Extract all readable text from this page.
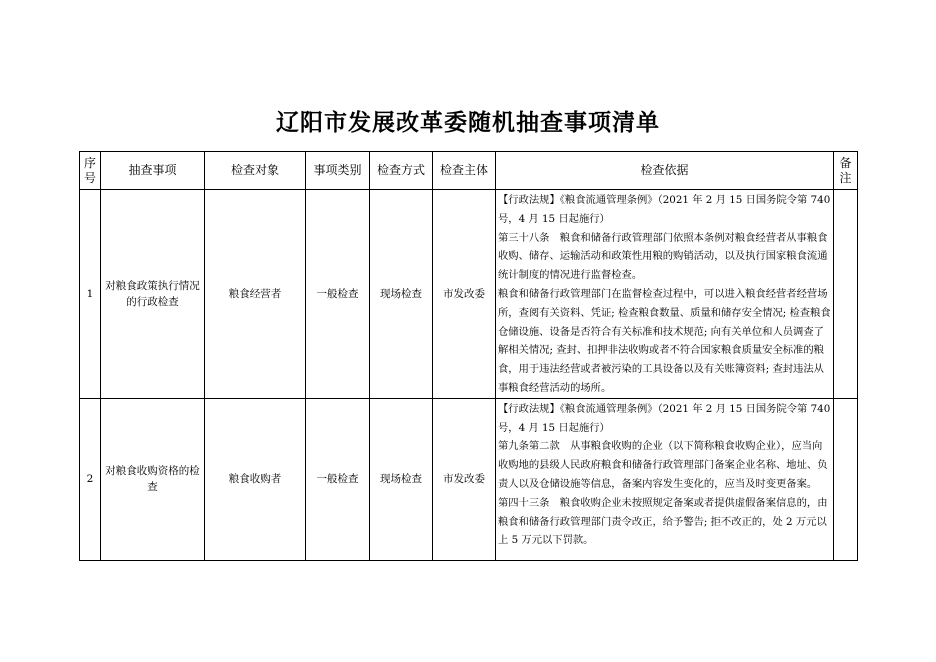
辽阳市发展改革委随机抽查事项清单
序号	抽查事项	检查对象	事项类别	检查方式	检查主体	检查依据	备注
1	对粮食政策执行情况的行政检查	粮食经营者	一般检查	现场检查	市发改委	【行政法规】《粮食流通管理条例》（2021 年 2 月 15 日国务院令第 740 号，4 月 15 日起施行）

第三十八条　粮食和储备行政管理部门依照本条例对粮食经营者从事粮食收购、储存、运输活动和政策性用粮的购销活动，以及执行国家粮食流通统计制度的情况进行监督检查。

粮食和储备行政管理部门在监督检查过程中，可以进入粮食经营者经营场所，查阅有关资料、凭证; 检查粮食数量、质量和储存安全情况; 检查粮食仓储设施、设备是否符合有关标准和技术规范; 向有关单位和人员调查了解相关情况; 查封、扣押非法收购或者不符合国家粮食质量安全标准的粮食，用于违法经营或者被污染的工具设备以及有关账簿资料; 查封违法从事粮食经营活动的场所。	

2	对粮食收购资格的检查	粮食收购者	一般检查	现场检查	市发改委	【行政法规】《粮食流通管理条例》（2021 年 2 月 15 日国务院令第 740 号，4 月 15 日起施行）

第九条第二款　从事粮食收购的企业（以下简称粮食收购企业），应当向收购地的县级人民政府粮食和储备行政管理部门备案企业名称、地址、负责人以及仓储设施等信息，备案内容发生变化的，应当及时变更备案。

第四十三条　粮食收购企业未按照规定备案或者提供虚假备案信息的，由粮食和储备行政管理部门责令改正，给予警告; 拒不改正的，处 2 万元以上 5 万元以下罚款。	
